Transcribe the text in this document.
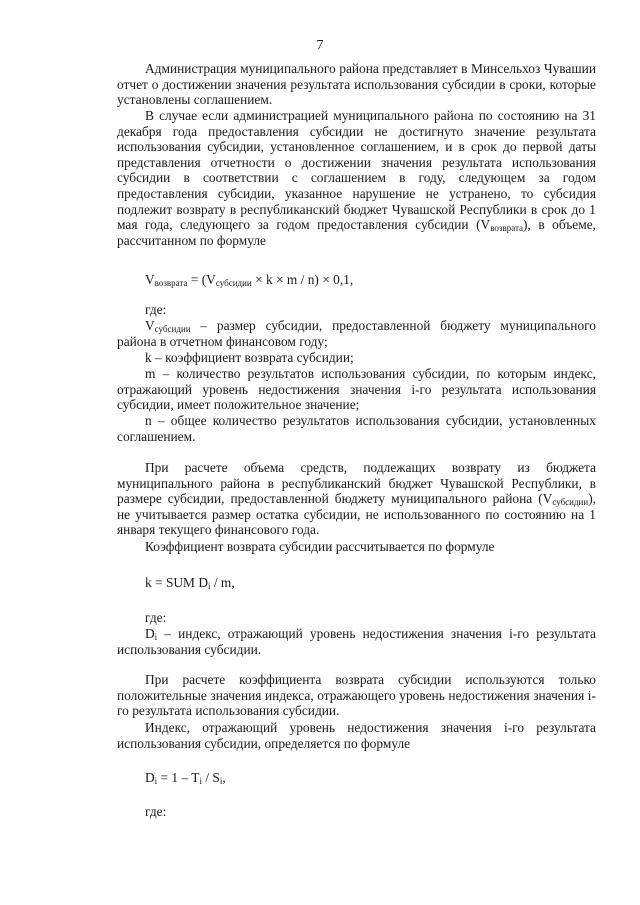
7

Администрация муниципального района представляет в Минсельхоз Чувашии отчет о достижении значения результата использования субсидии в сроки, которые установлены соглашением.

В случае если администрацией муниципального района по состоянию на 31 декабря года предоставления субсидии не достигнуто значение результата использования субсидии, установленное соглашением, и в срок до первой даты представления отчетности о достижении значения результата использования субсидии в соответствии с соглашением в году, следующем за годом предоставления субсидии, указанное нарушение не устранено, то субсидия подлежит возврату в республиканский бюджет Чувашской Республики в срок до 1 мая года, следующего за годом предоставления субсидии $(V_{возврата})$, в объеме, рассчитанном по формуле

$V_{возврата} = (V_{субсидии} \times k \times m / n) \times 0,1$,
где:

$V_{субсидии}$ – размер субсидии, предоставленной бюджету муниципального района в отчетном финансовом году;

k – коэффициент возврата субсидии;

m – количество результатов использования субсидии, по которым индекс, отражающий уровень недостижения значения i-го результата использования субсидии, имеет положительное значение;

n – общее количество результатов использования субсидии, установленных соглашением.

При расчете объема средств, подлежащих возврату из бюджета муниципального района в республиканский бюджет Чувашской Республики, в размере субсидии, предоставленной бюджету муниципального района $(V_{субсидии})$, не учитывается размер остатка субсидии, не использованного по состоянию на 1 января текущего финансового года.

Коэффициент возврата субсидии рассчитывается по формуле

k = SUM $D_i$ / m,
где:

$D_i$ – индекс, отражающий уровень недостижения значения i-го результата использования субсидии.

При расчете коэффициента возврата субсидии используются только положительные значения индекса, отражающего уровень недостижения значения i-го результата использования субсидии.

Индекс, отражающий уровень недостижения значения i-го результата использования субсидии, определяется по формуле

$D_i = 1 - T_i / S_i$,
где:
